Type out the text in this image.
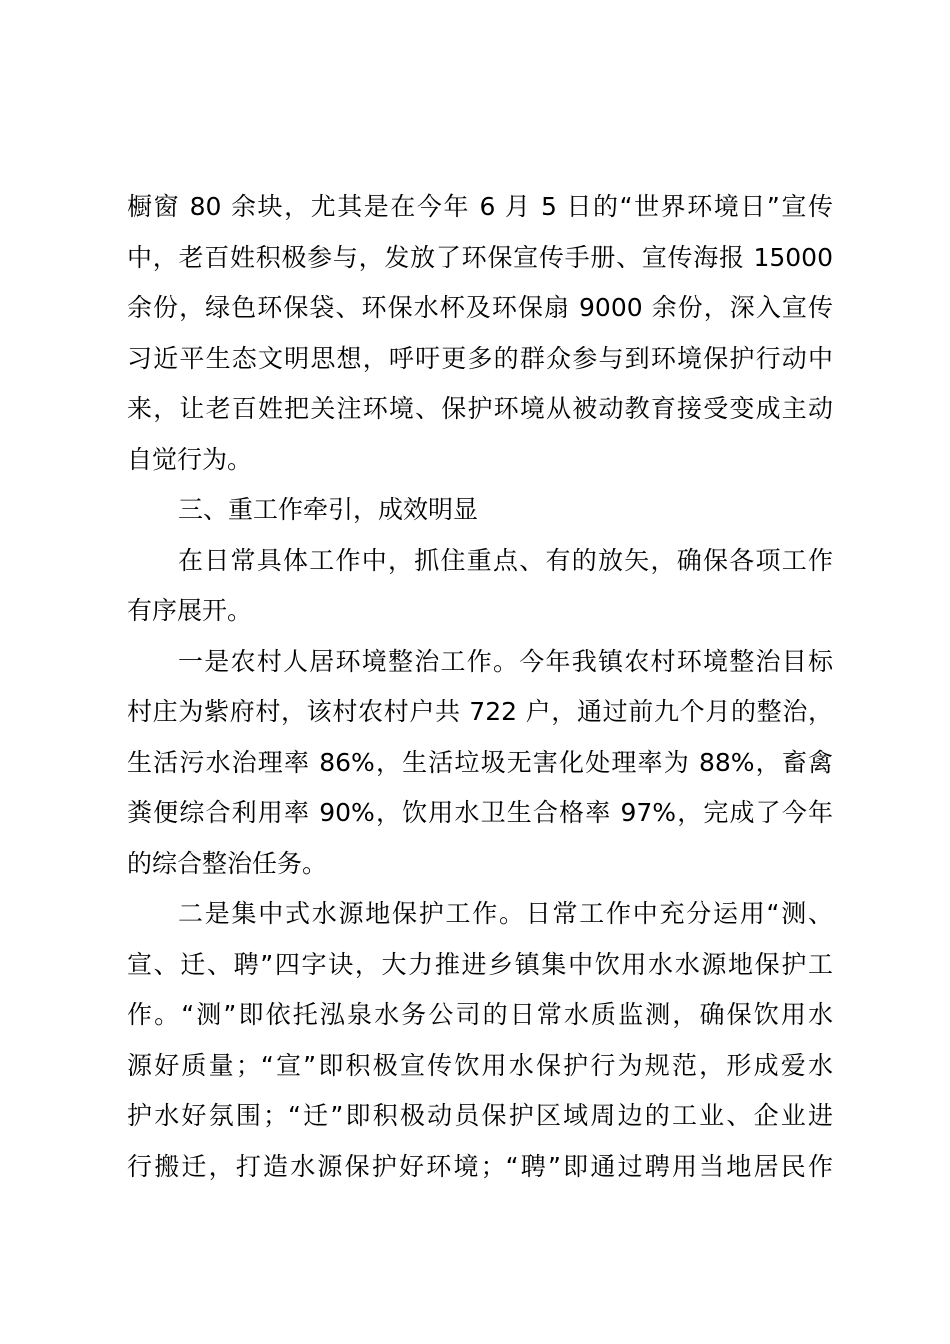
橱窗 80 余块，尤其是在今年 6 月 5 日的“世界环境日”宣传
中，老百姓积极参与，发放了环保宣传手册、宣传海报 15000
余份，绿色环保袋、环保水杯及环保扇 9000 余份，深入宣传
习近平生态文明思想，呼吁更多的群众参与到环境保护行动中
来，让老百姓把关注环境、保护环境从被动教育接受变成主动
自觉行为。
三、重工作牵引，成效明显
在日常具体工作中，抓住重点、有的放矢，确保各项工作
有序展开。
一是农村人居环境整治工作。今年我镇农村环境整治目标
村庄为紫府村，该村农村户共 722 户，通过前九个月的整治，
生活污水治理率 86%，生活垃圾无害化处理率为 88%，畜禽
粪便综合利用率 90%，饮用水卫生合格率 97%，完成了今年
的综合整治任务。
二是集中式水源地保护工作。日常工作中充分运用“测、
宣、迁、聘”四字诀，大力推进乡镇集中饮用水水源地保护工
作。“测”即依托泓泉水务公司的日常水质监测，确保饮用水
源好质量；“宣”即积极宣传饮用水保护行为规范，形成爱水
护水好氛围；“迁”即积极动员保护区域周边的工业、企业进
行搬迁，打造水源保护好环境；“聘”即通过聘用当地居民作
